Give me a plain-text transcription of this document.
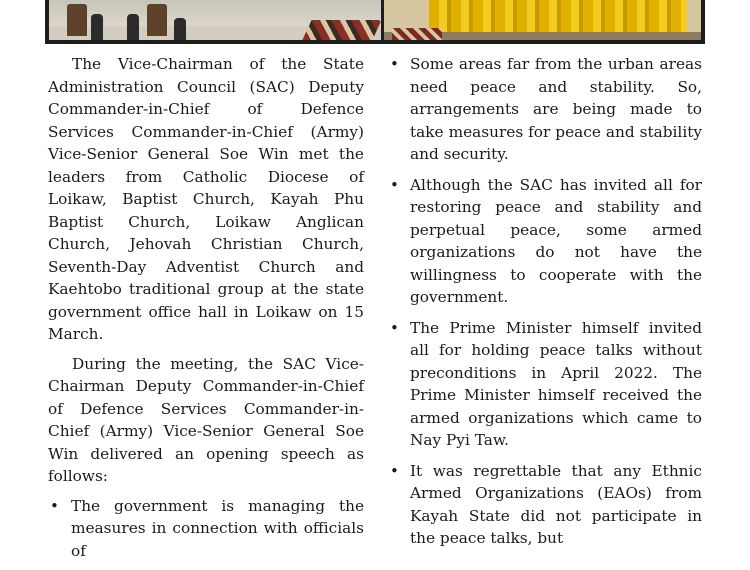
The Vice-Chairman of the State Administration Council (SAC) Deputy Commander-in-Chief of Defence Services Commander-in-Chief (Army) Vice-Senior General Soe Win met the leaders from Catholic Diocese of Loikaw, Baptist Church, Kayah Phu Baptist Church, Loikaw Anglican Church, Jehovah Christian Church, Seventh-Day Adventist Church and Kaehtobo traditional group at the state government office hall in Loikaw on 15 March.

During the meeting, the SAC Vice-Chairman Deputy Commander-in-Chief of Defence Services Commander-in-Chief (Army) Vice-Senior General Soe Win delivered an opening speech as follows:

• The government is managing the measures in connection with officials of
• Some areas far from the urban areas need peace and stability. So, arrangements are being made to take measures for peace and stability and security.
• Although the SAC has invited all for restoring peace and stability and perpetual peace, some armed organizations do not have the willingness to cooperate with the government.
• The Prime Minister himself invited all for holding peace talks without preconditions in April 2022. The Prime Minister himself received the armed organizations which came to Nay Pyi Taw.
• It was regrettable that any Ethnic Armed Organizations (EAOs) from Kayah State did not participate in the peace talks, but
